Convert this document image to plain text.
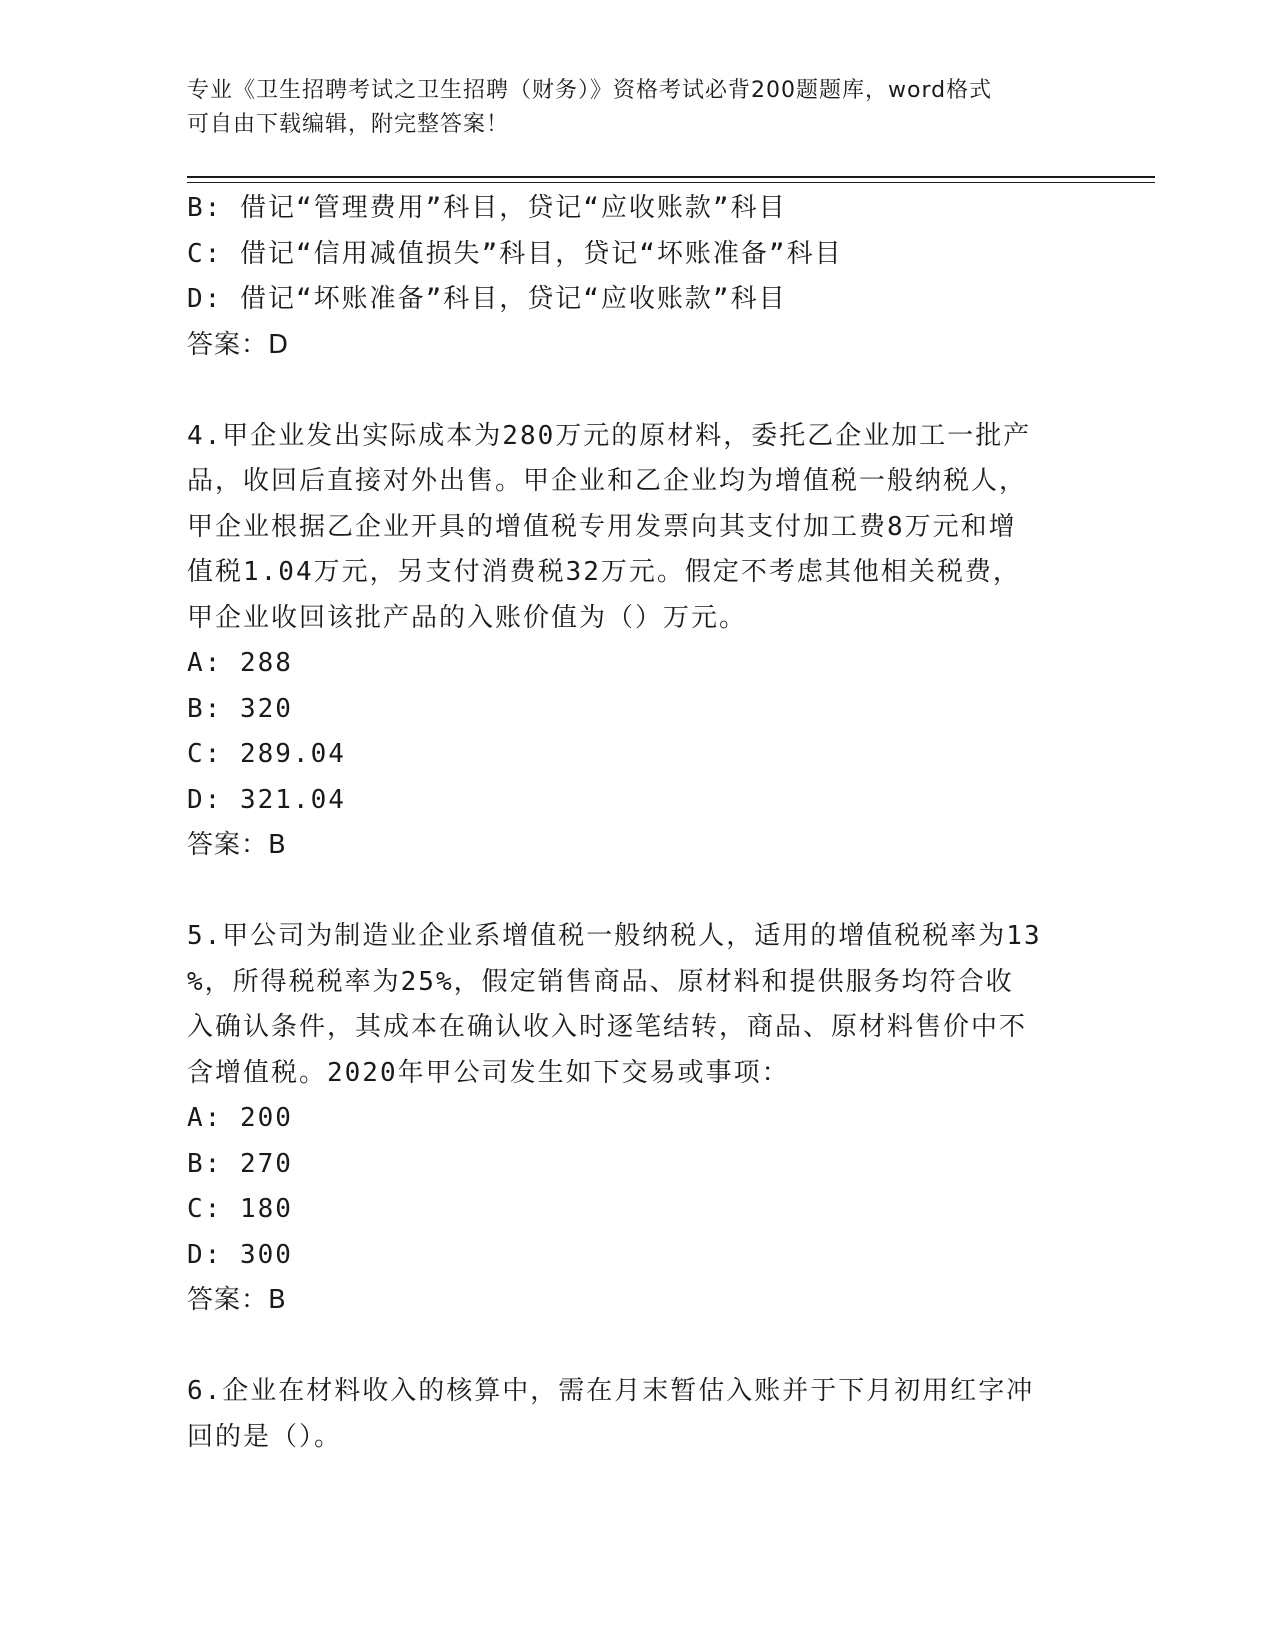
专业《卫生招聘考试之卫生招聘（财务）》资格考试必背200题题库，word格式
可自由下载编辑，附完整答案！
B: 借记“管理费用”科目，贷记“应收账款”科目
C: 借记“信用减值损失”科目，贷记“坏账准备”科目
D: 借记“坏账准备”科目，贷记“应收账款”科目
答案：D
4.甲企业发出实际成本为280万元的原材料，委托乙企业加工一批产
品，收回后直接对外出售。甲企业和乙企业均为增值税一般纳税人，
甲企业根据乙企业开具的增值税专用发票向其支付加工费8万元和增
值税1.04万元，另支付消费税32万元。假定不考虑其他相关税费，
甲企业收回该批产品的入账价值为（）万元。
A: 288
B: 320
C: 289.04
D: 321.04
答案：B
5.甲公司为制造业企业系增值税一般纳税人，适用的增值税税率为13
%，所得税税率为25%，假定销售商品、原材料和提供服务均符合收
入确认条件，其成本在确认收入时逐笔结转，商品、原材料售价中不
含增值税。2020年甲公司发生如下交易或事项：
A: 200
B: 270
C: 180
D: 300
答案：B
6.企业在材料收入的核算中，需在月末暂估入账并于下月初用红字冲
回的是（）。
